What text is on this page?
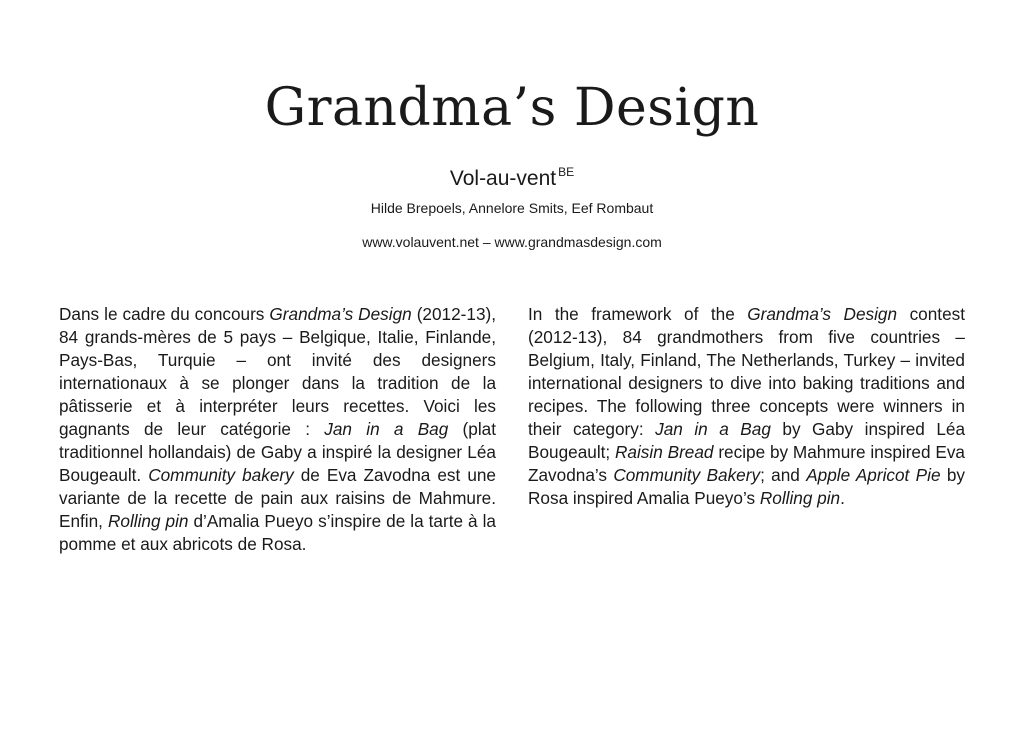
Grandma’s Design
Vol-au-vent $^{BE}$
Hilde Brepoels, Annelore Smits, Eef Rombaut
www.volauvent.net – www.grandmasdesign.com
Dans le cadre du concours Grandma’s Design (2012-13), 84 grands-mères de 5 pays – Belgique, Italie, Finlande, Pays-Bas, Turquie – ont invité des designers internationaux à se plonger dans la tradition de la pâtisserie et à interpréter leurs recettes. Voici les gagnants de leur catégorie : Jan in a Bag (plat traditionnel hollandais) de Gaby a inspiré la designer Léa Bougeault. Community bakery de Eva Zavodna est une variante de la recette de pain aux raisins de Mahmure. Enfin, Rolling pin d’Amalia Pueyo s’inspire de la tarte à la pomme et aux abricots de Rosa.
In the framework of the Grandma’s Design contest (2012-13), 84 grandmothers from five countries – Belgium, Italy, Finland, The Netherlands, Turkey – invited international designers to dive into baking traditions and recipes. The following three concepts were winners in their category: Jan in a Bag by Gaby inspired Léa Bougeault; Raisin Bread recipe by Mahmure inspired Eva Zavodna’s Community Bakery; and Apple Apricot Pie by Rosa inspired Amalia Pueyo’s Rolling pin.
